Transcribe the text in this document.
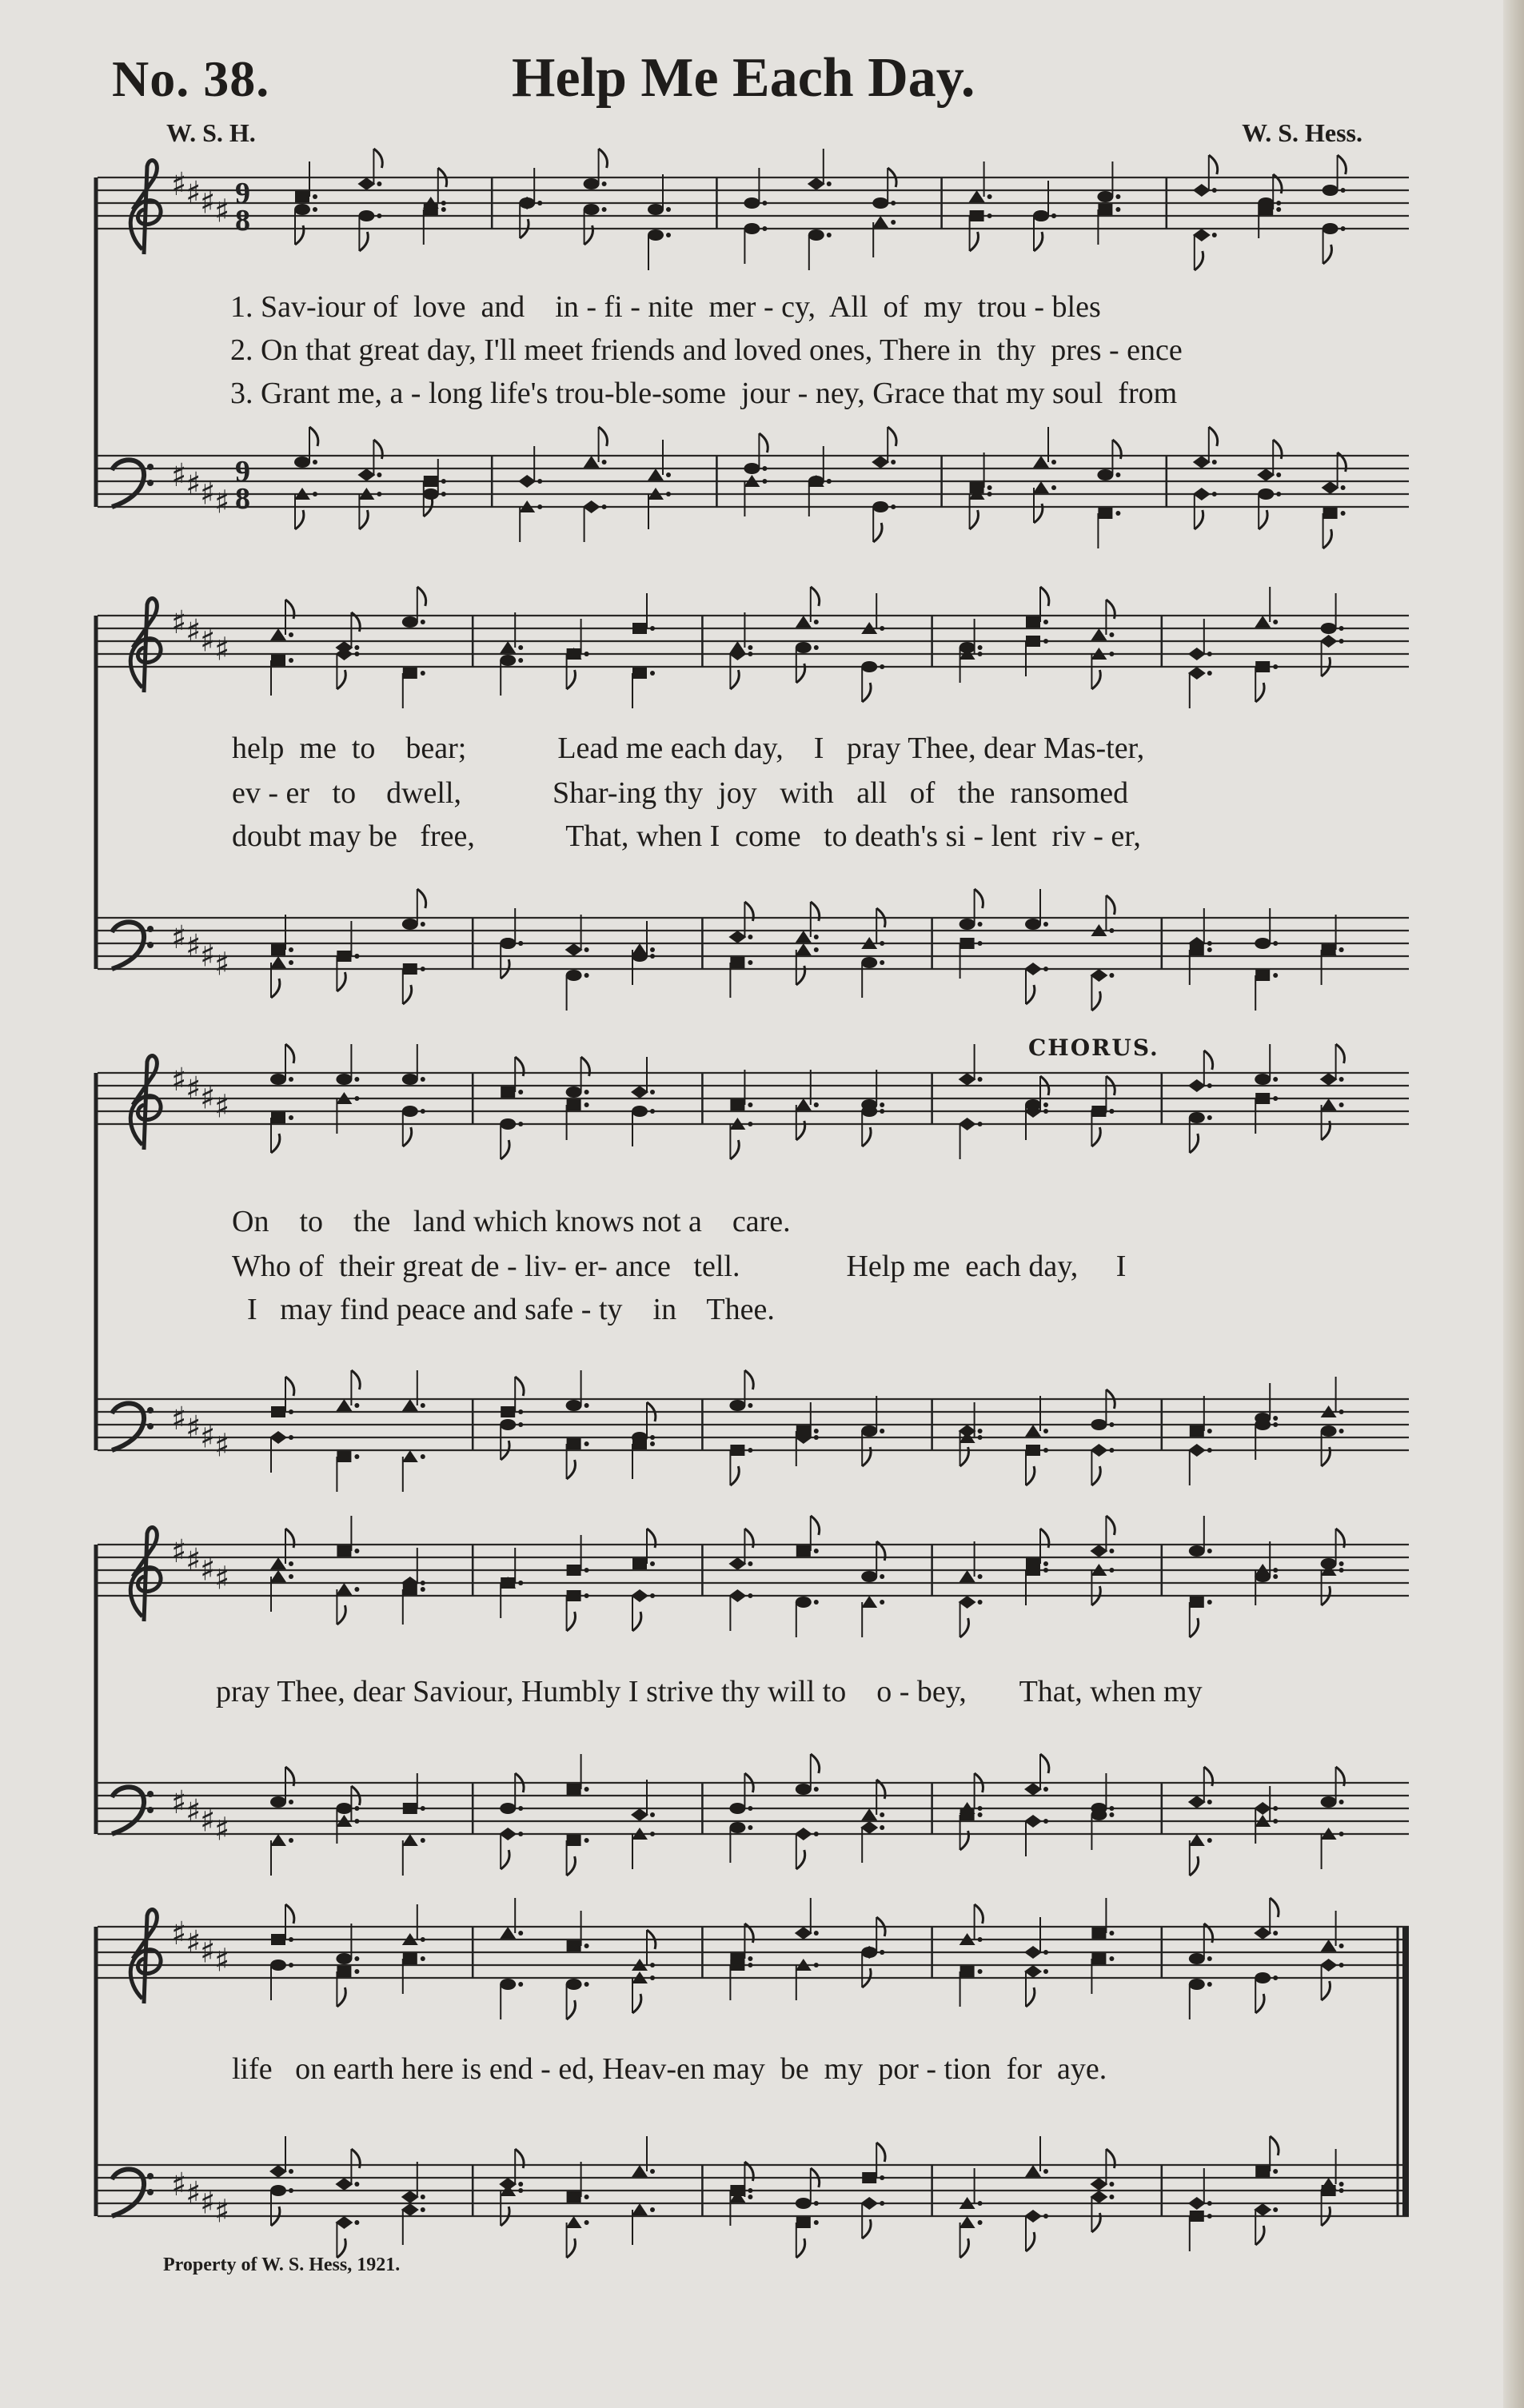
No. 38.	Help Me Each Day.
W. S. H.	W. S. Hess.
♯
♯
♯
♯ 9
8
♯
♯
♯
♯
9
8
1. Sav-iour of  love  and    in - fi - nite  mer - cy,  All  of  my  trou - bles
2. On that great day, I'll meet friends and loved ones, There in  thy  pres - ence
3. Grant me, a - long life's trou-ble-some  jour - ney, Grace that my soul  from
♯
♯
♯
♯
♯
♯
♯
♯
help  me  to    bear;            Lead me each day,    I   pray Thee, dear Mas-ter,
ev - er   to    dwell,            Shar-ing thy  joy   with   all   of   the  ransomed
doubt may be   free,            That, when I  come   to death's si - lent  riv - er,
CHORUS.
♯
♯
♯
♯
♯
♯
♯
♯
On    to    the   land which knows not a    care.
Who of  their great de - liv- er- ance   tell.              Help me  each day,     I
I   may find peace and safe - ty    in    Thee.
♯
♯
♯
♯
♯
♯
♯
♯
pray Thee, dear Saviour, Humbly I strive thy will to    o - bey,       That, when my
♯
♯
♯
♯
♯
♯
♯
♯
life   on earth here is end - ed, Heav-en may  be  my  por - tion  for  aye.
Property of W. S. Hess, 1921.
